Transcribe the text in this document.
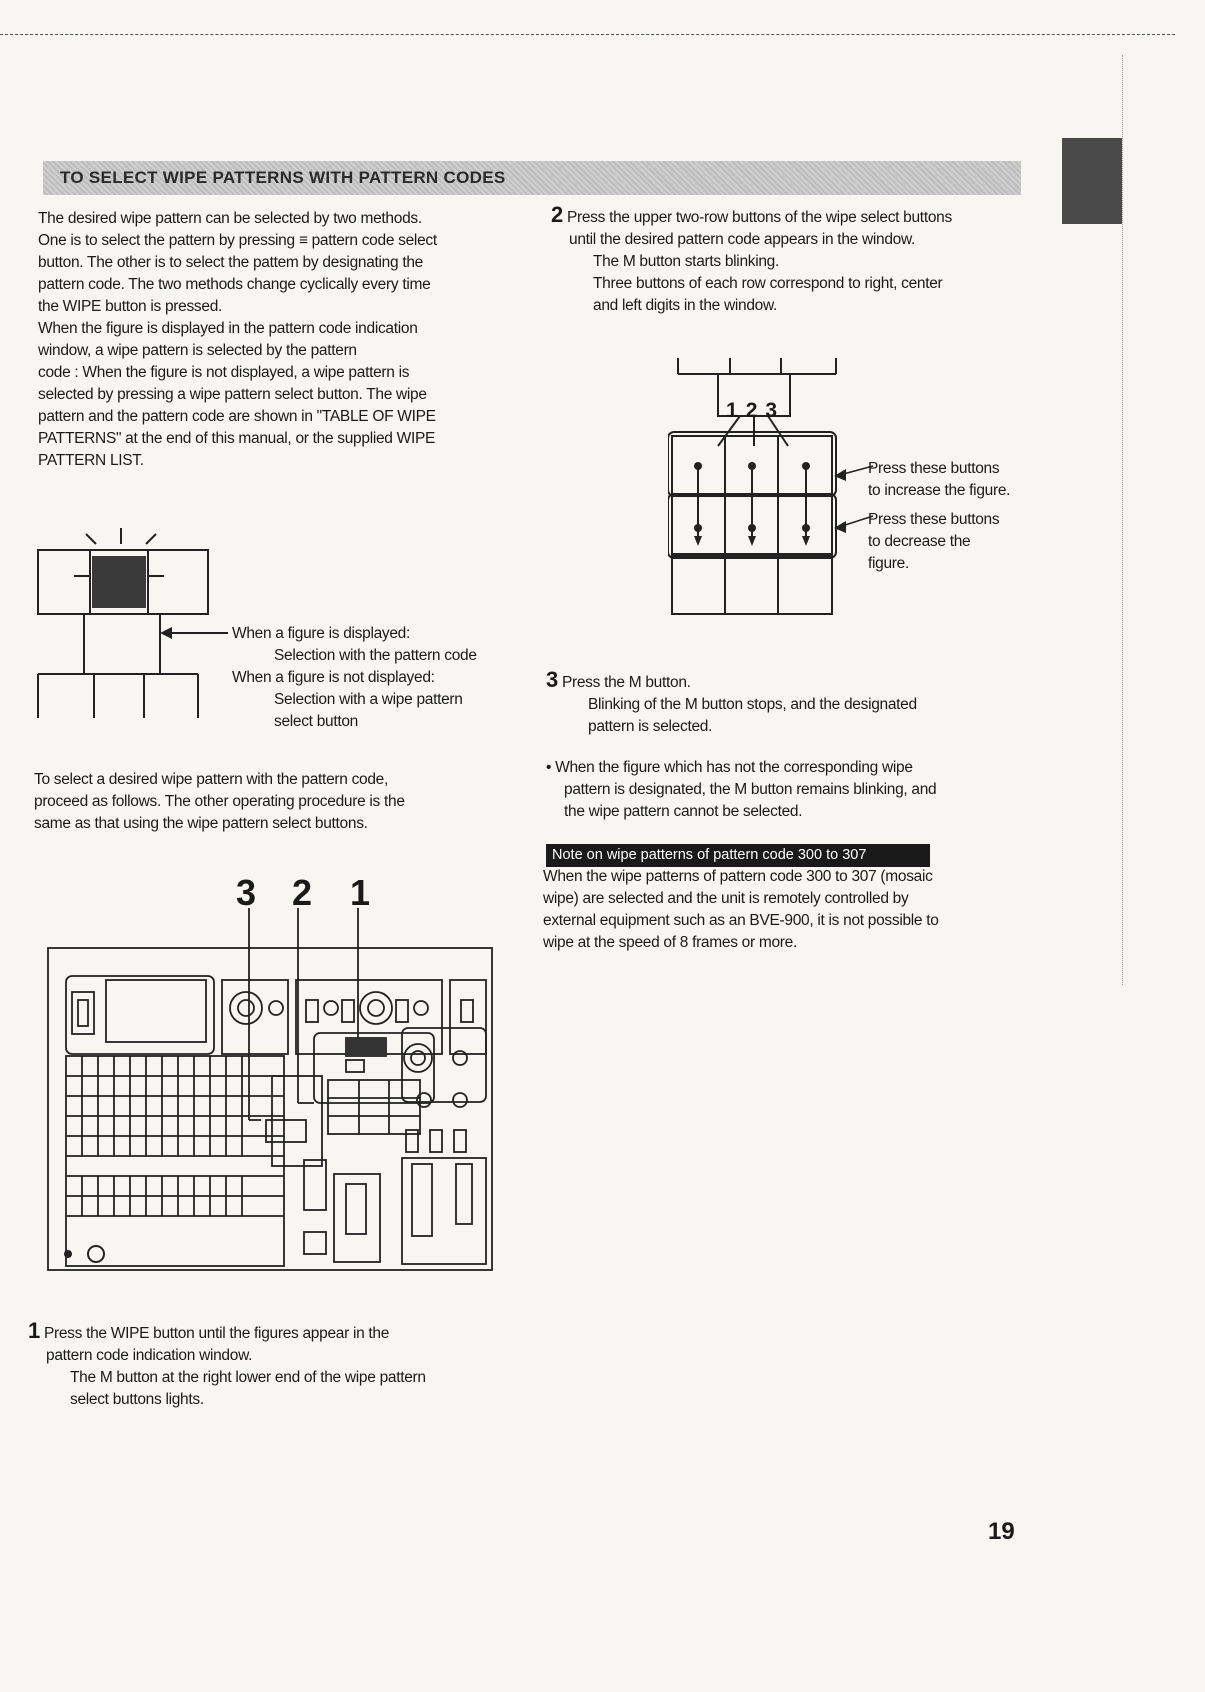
TO SELECT WIPE PATTERNS WITH PATTERN CODES
The desired wipe pattern can be selected by two methods.
One is to select the pattern by pressing ≡ pattern code select
button. The other is to select the pattem by designating the
pattern code. The two methods change cyclically every time
the WIPE button is pressed.
When the figure is displayed in the pattern code indication
window, a wipe pattern is selected by the pattern
code : When the figure is not displayed, a wipe pattern is
selected by pressing a wipe pattern select button. The wipe
pattern and the pattern code are shown in "TABLE OF WIPE
PATTERNS" at the end of this manual, or the supplied WIPE
PATTERN LIST.
When a figure is displayed:
Selection with the pattern code
When a figure is not displayed:
Selection with a wipe pattern
select button
To select a desired wipe pattern with the pattern code,
proceed as follows. The other operating procedure is the
same as that using the wipe pattern select buttons.
3 2 1
1 Press the WIPE button until the figures appear in the
pattern code indication window.
The M button at the right lower end of the wipe pattern
select buttons lights.
2 Press the upper two-row buttons of the wipe select buttons
until the desired pattern code appears in the window.
The M button starts blinking.
Three buttons of each row correspond to right, center
and left digits in the window.
123
Press these buttons
to increase the figure.
Press these buttons
to decrease the
figure.
3 Press the M button.
Blinking of the M button stops, and the designated
pattern is selected.
• When the figure which has not the corresponding wipe
pattern is designated, the M button remains blinking, and
the wipe pattern cannot be selected.
Note on wipe patterns of pattern code 300 to 307
When the wipe patterns of pattern code 300 to 307 (mosaic
wipe) are selected and the unit is remotely controlled by
external equipment such as an BVE-900, it is not possible to
wipe at the speed of 8 frames or more.
19
